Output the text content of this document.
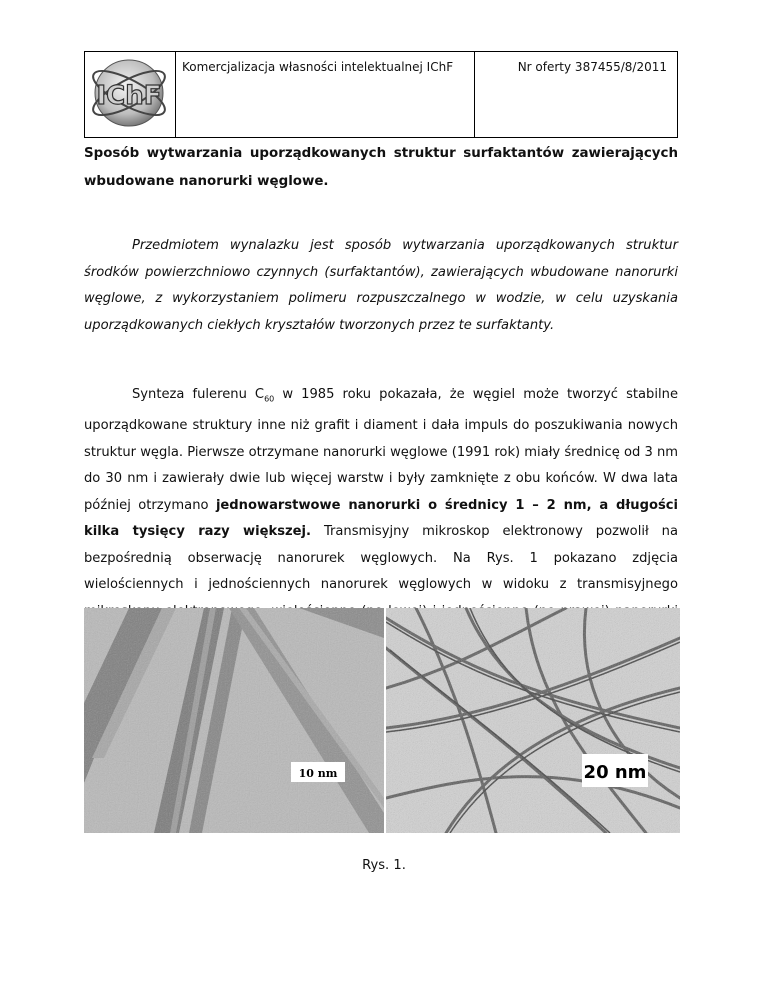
IChF
	Komercjalizacja własności intelektualnej IChF	Nr oferty 387455/8/2011

Sposób wytwarzania uporządkowanych struktur surfaktantów zawierających wbudowane nanorurki węglowe.

Przedmiotem wynalazku jest sposób wytwarzania uporządkowanych struktur środków powierzchniowo czynnych (surfaktantów), zawierających wbudowane nanorurki węglowe, z wykorzystaniem polimeru rozpuszczalnego w wodzie, w celu uzyskania uporządkowanych ciekłych kryształów tworzonych przez te surfaktanty.

Synteza fulerenu $C_{60}$ w 1985 roku pokazała, że węgiel może tworzyć stabilne uporządkowane struktury inne niż grafit i diament i dała impuls do poszukiwania nowych struktur węgla. Pierwsze otrzymane nanorurki węglowe (1991 rok) miały średnicę od 3 nm do 30 nm i zawierały dwie lub więcej warstw i były zamknięte z obu końców. W dwa lata później otrzymano jednowarstwowe nanorurki o średnicy 1 – 2 nm, a długości kilka tysięcy razy większej. Transmisyjny mikroskop elektronowy pozwolił na bezpośrednią obserwację nanorurek węglowych. Na Rys. 1 pokazano zdjęcia wielościennych i jednościennych nanorurek węglowych w widoku z transmisyjnego

10 nm	20 nm
Rys. 1.
